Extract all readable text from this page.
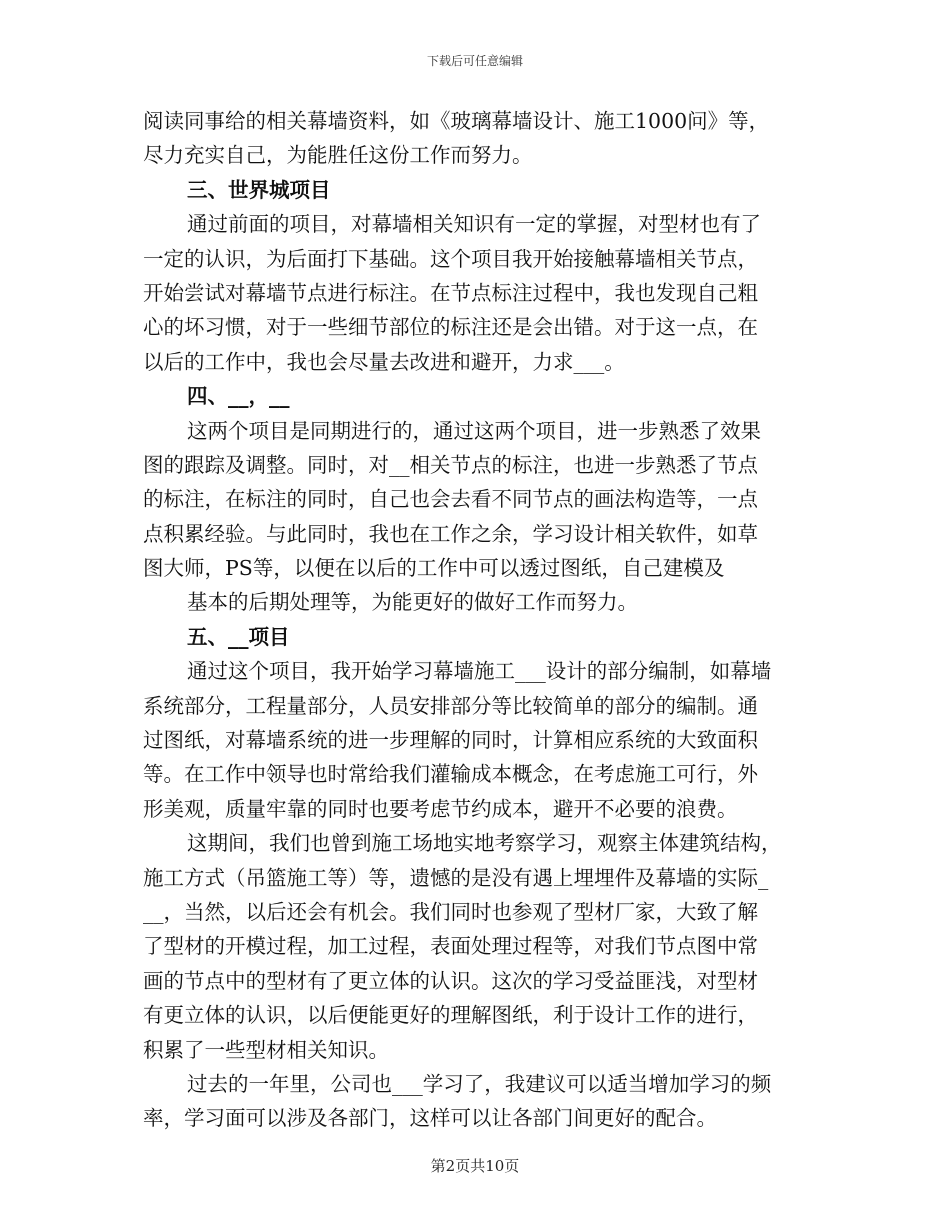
下载后可任意编辑
阅读同事给的相关幕墙资料，如《玻璃幕墙设计、施工1000问》等，
尽力充实自己，为能胜任这份工作而努力。
三、世界城项目
通过前面的项目，对幕墙相关知识有一定的掌握，对型材也有了
一定的认识，为后面打下基础。这个项目我开始接触幕墙相关节点，
开始尝试对幕墙节点进行标注。在节点标注过程中，我也发现自己粗
心的坏习惯，对于一些细节部位的标注还是会出错。对于这一点，在
以后的工作中，我也会尽量去改进和避开，力求___。
四、__，__
这两个项目是同期进行的，通过这两个项目，进一步熟悉了效果
图的跟踪及调整。同时，对__相关节点的标注，也进一步熟悉了节点
的标注，在标注的同时，自己也会去看不同节点的画法构造等，一点
点积累经验。与此同时，我也在工作之余，学习设计相关软件，如草
图大师，PS等，以便在以后的工作中可以透过图纸，自己建模及
基本的后期处理等，为能更好的做好工作而努力。
五、__项目
通过这个项目，我开始学习幕墙施工___设计的部分编制，如幕墙
系统部分，工程量部分，人员安排部分等比较简单的部分的编制。通
过图纸，对幕墙系统的进一步理解的同时，计算相应系统的大致面积
等。在工作中领导也时常给我们灌输成本概念，在考虑施工可行，外
形美观，质量牢靠的同时也要考虑节约成本，避开不必要的浪费。
这期间，我们也曾到施工场地实地考察学习，观察主体建筑结构，
施工方式（吊篮施工等）等，遗憾的是没有遇上埋埋件及幕墙的实际_
__，当然，以后还会有机会。我们同时也参观了型材厂家，大致了解
了型材的开模过程，加工过程，表面处理过程等，对我们节点图中常
画的节点中的型材有了更立体的认识。这次的学习受益匪浅，对型材
有更立体的认识，以后便能更好的理解图纸，利于设计工作的进行，
积累了一些型材相关知识。
过去的一年里，公司也___学习了，我建议可以适当增加学习的频
率，学习面可以涉及各部门，这样可以让各部门间更好的配合。
第2页共10页
